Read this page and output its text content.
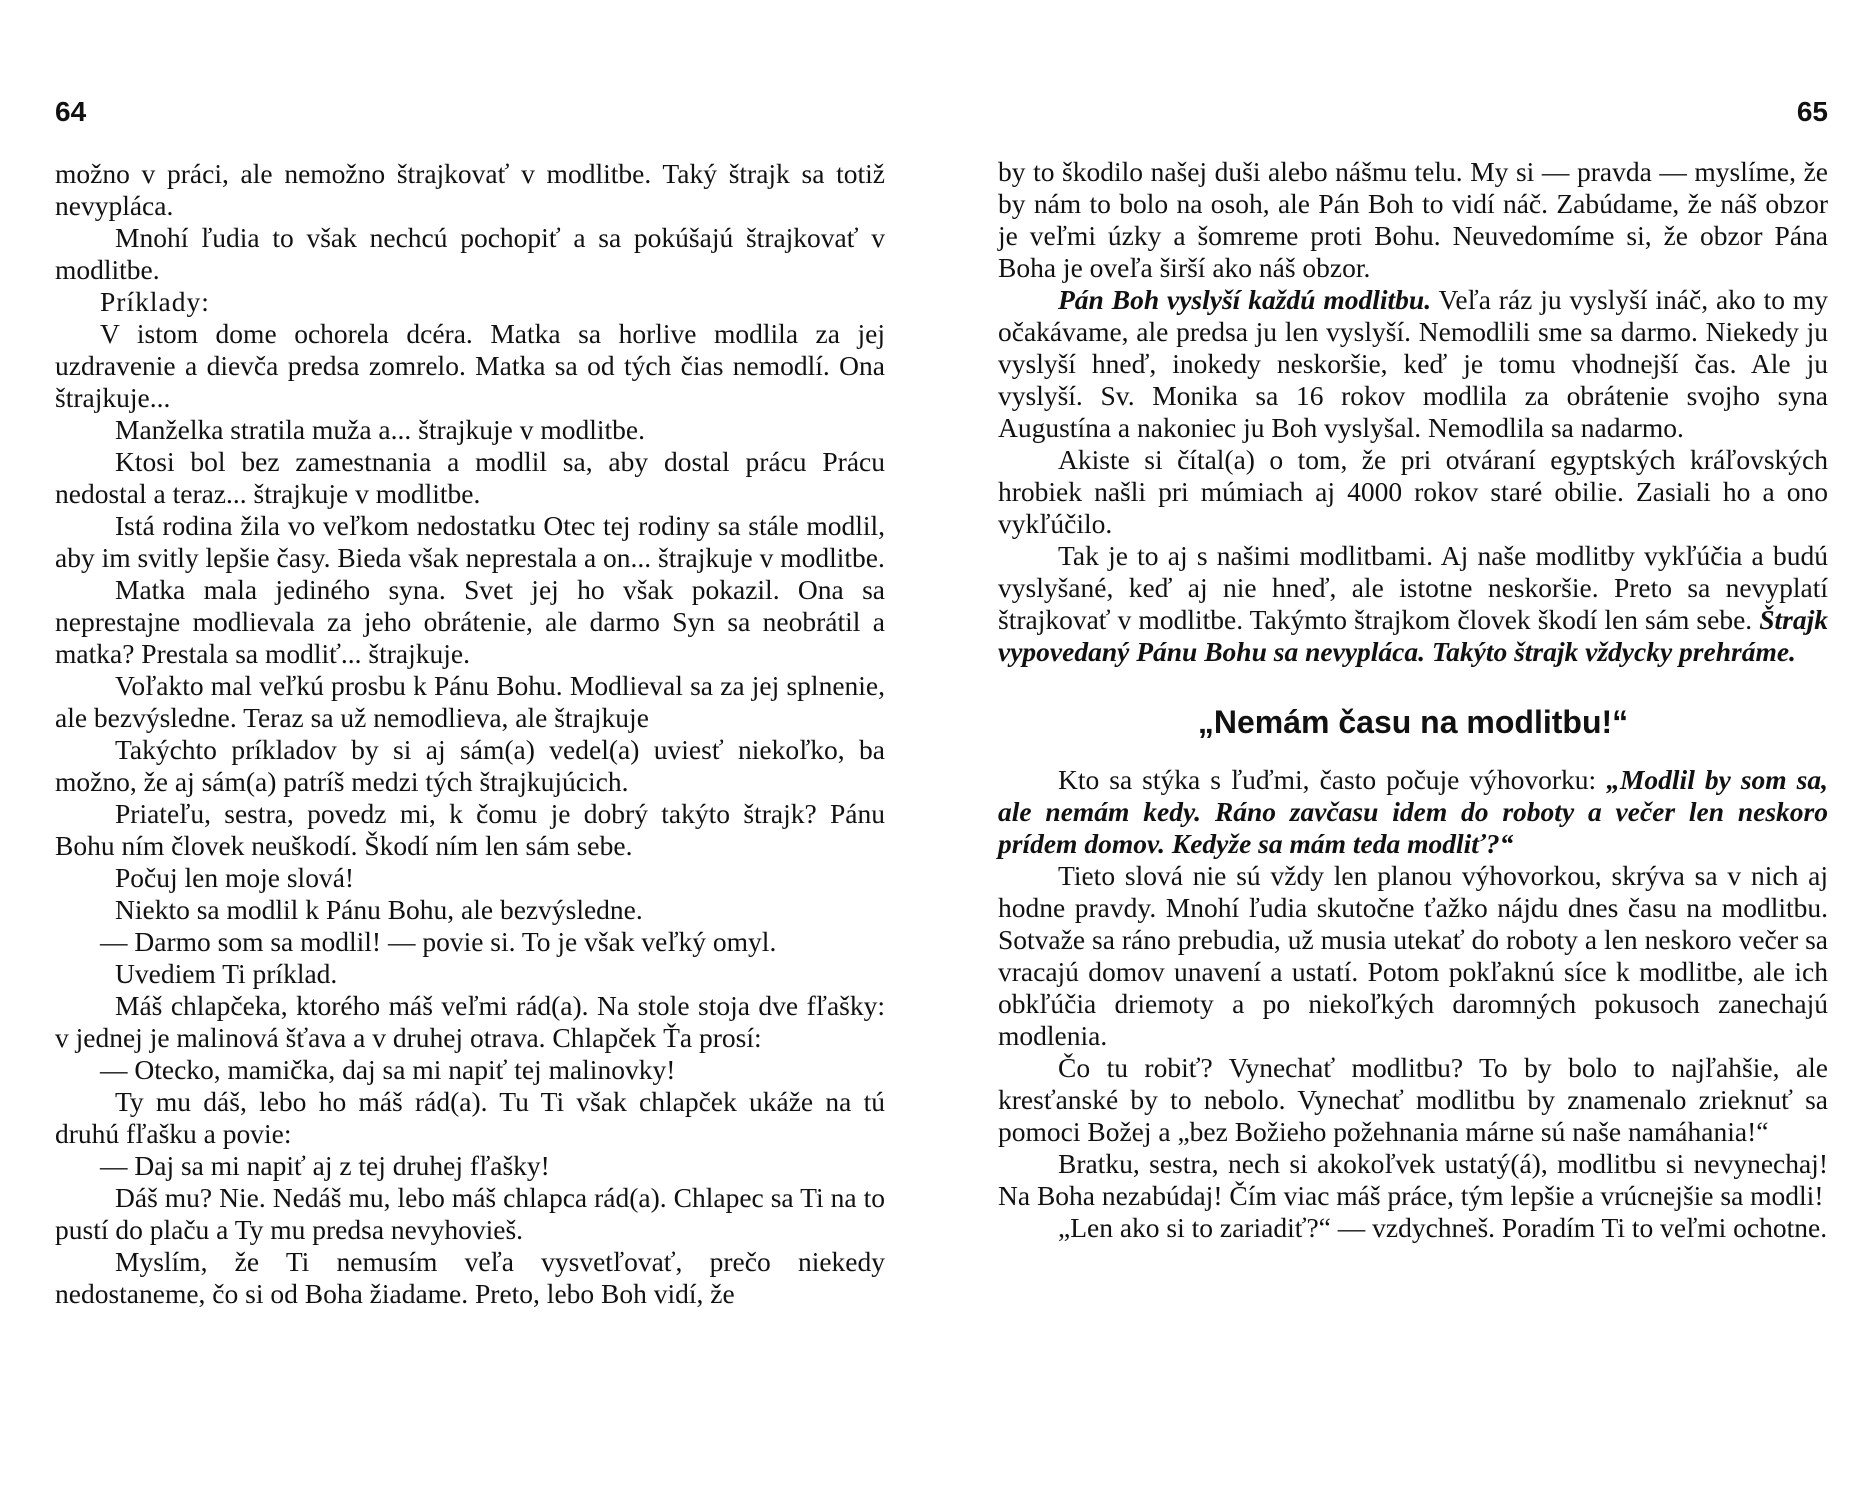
64

možno v práci, ale nemožno štrajkovať v modlitbe. Taký štrajk sa totiž nevypláca.

Mnohí ľudia to však nechcú pochopiť a sa pokúšajú štrajkovať v modlitbe.

Príklady:

V istom dome ochorela dcéra. Matka sa horlive modlila za jej uzdravenie a dievča predsa zomrelo. Matka sa od tých čias nemodlí. Ona štrajkuje...

Manželka stratila muža a... štrajkuje v modlitbe.

Ktosi bol bez zamestnania a modlil sa, aby dostal prácu Prácu nedostal a teraz... štrajkuje v modlitbe.

Istá rodina žila vo veľkom nedostatku Otec tej rodiny sa stále modlil, aby im svitly lepšie časy. Bieda však neprestala a on... štrajkuje v modlitbe.

Matka mala jediného syna. Svet jej ho však pokazil. Ona sa neprestajne modlievala za jeho obrátenie, ale darmo Syn sa neobrátil a matka? Prestala sa modliť... štrajkuje.

Voľakto mal veľkú prosbu k Pánu Bohu. Modlieval sa za jej splnenie, ale bezvýsledne. Teraz sa už nemodlieva, ale štrajkuje

Takýchto príkladov by si aj sám(a) vedel(a) uviesť niekoľko, ba možno, že aj sám(a) patríš medzi tých štrajkujúcich.

Priateľu, sestra, povedz mi, k čomu je dobrý takýto štrajk? Pánu Bohu ním človek neuškodí. Škodí ním len sám sebe.

Počuj len moje slová!

Niekto sa modlil k Pánu Bohu, ale bezvýsledne.

— Darmo som sa modlil! — povie si. To je však veľký omyl.

Uvediem Ti príklad.

Máš chlapčeka, ktorého máš veľmi rád(a). Na stole stoja dve fľašky: v jednej je malinová šťava a v druhej otrava. Chlapček Ťa prosí:

— Otecko, mamička, daj sa mi napiť tej malinovky!

Ty mu dáš, lebo ho máš rád(a). Tu Ti však chlapček ukáže na tú druhú fľašku a povie:

— Daj sa mi napiť aj z tej druhej fľašky!

Dáš mu? Nie. Nedáš mu, lebo máš chlapca rád(a). Chlapec sa Ti na to pustí do plaču a Ty mu predsa nevyhovieš.

Myslím, že Ti nemusím veľa vysvetľovať, prečo niekedy nedostaneme, čo si od Boha žiadame. Preto, lebo Boh vidí, že

65

by to škodilo našej duši alebo nášmu telu. My si — pravda — myslíme, že by nám to bolo na osoh, ale Pán Boh to vidí náč. Zabúdame, že náš obzor je veľmi úzky a šomreme proti Bohu. Neuvedomíme si, že obzor Pána Boha je oveľa širší ako náš obzor.

Pán Boh vyslyší každú modlitbu. Veľa ráz ju vyslyší ináč, ako to my očakávame, ale predsa ju len vyslyší. Nemodlili sme sa darmo. Niekedy ju vyslyší hneď, inokedy neskoršie, keď je tomu vhodnejší čas. Ale ju vyslyší. Sv. Monika sa 16 rokov modlila za obrátenie svojho syna Augustína a nakoniec ju Boh vyslyšal. Nemodlila sa nadarmo.

Akiste si čítal(a) o tom, že pri otváraní egyptských kráľovských hrobiek našli pri múmiach aj 4000 rokov staré obilie. Zasiali ho a ono vykľúčilo.

Tak je to aj s našimi modlitbami. Aj naše modlitby vykľúčia a budú vyslyšané, keď aj nie hneď, ale istotne neskoršie. Preto sa nevyplatí štrajkovať v modlitbe. Takýmto štrajkom človek škodí len sám sebe. Štrajk vypovedaný Pánu Bohu sa nevypláca. Takýto štrajk vždycky prehráme.

„Nemám času na modlitbu!“

Kto sa stýka s ľuďmi, často počuje výhovorku: „Modlil by som sa, ale nemám kedy. Ráno zavčasu idem do roboty a večer len neskoro prídem domov. Kedyže sa mám teda modliť?“

Tieto slová nie sú vždy len planou výhovorkou, skrýva sa v nich aj hodne pravdy. Mnohí ľudia skutočne ťažko nájdu dnes času na modlitbu. Sotvaže sa ráno prebudia, už musia utekať do roboty a len neskoro večer sa vracajú domov unavení a ustatí. Potom pokľaknú síce k modlitbe, ale ich obkľúčia driemoty a po niekoľkých daromných pokusoch zanechajú modlenia.

Čo tu robiť? Vynechať modlitbu? To by bolo to najľahšie, ale kresťanské by to nebolo. Vynechať modlitbu by znamenalo zrieknuť sa pomoci Božej a „bez Božieho požehnania márne sú naše namáhania!“

Bratku, sestra, nech si akokoľvek ustatý(á), modlitbu si nevynechaj! Na Boha nezabúdaj! Čím viac máš práce, tým lepšie a vrúcnejšie sa modli!

„Len ako si to zariadiť?“ — vzdychneš. Poradím Ti to veľmi ochotne.
